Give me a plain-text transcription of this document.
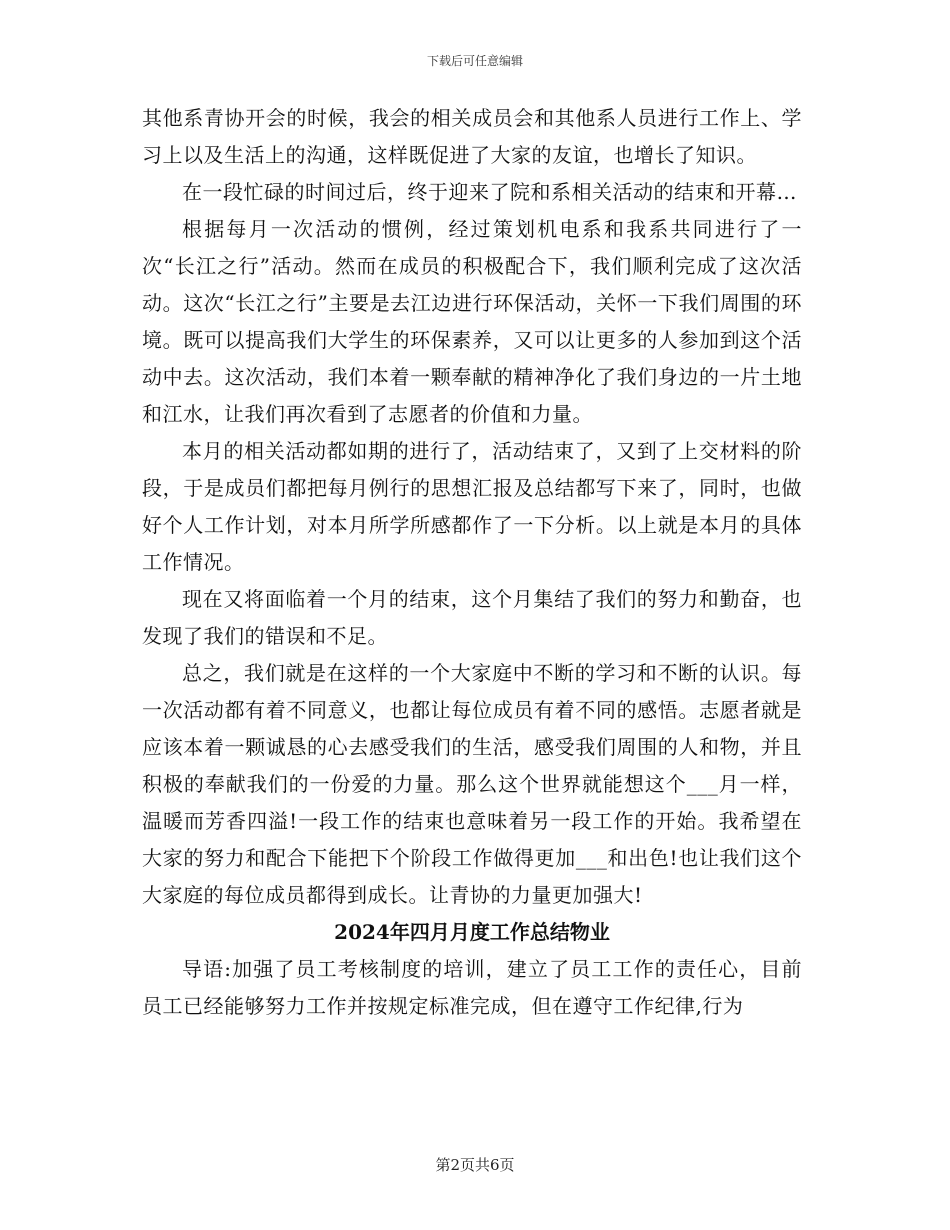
下载后可任意编辑

其他系青协开会的时候，我会的相关成员会和其他系人员进行工作上、学习上以及生活上的沟通，这样既促进了大家的友谊，也增长了知识。

在一段忙碌的时间过后，终于迎来了院和系相关活动的结束和开幕…

根据每月一次活动的惯例，经过策划机电系和我系共同进行了一次“长江之行”活动。然而在成员的积极配合下，我们顺利完成了这次活动。这次“长江之行”主要是去江边进行环保活动，关怀一下我们周围的环境。既可以提高我们大学生的环保素养，又可以让更多的人参加到这个活动中去。这次活动，我们本着一颗奉献的精神净化了我们身边的一片土地和江水，让我们再次看到了志愿者的价值和力量。

本月的相关活动都如期的进行了，活动结束了，又到了上交材料的阶段，于是成员们都把每月例行的思想汇报及总结都写下来了，同时，也做好个人工作计划，对本月所学所感都作了一下分析。以上就是本月的具体工作情况。

现在又将面临着一个月的结束，这个月集结了我们的努力和勤奋，也发现了我们的错误和不足。

总之，我们就是在这样的一个大家庭中不断的学习和不断的认识。每一次活动都有着不同意义，也都让每位成员有着不同的感悟。志愿者就是应该本着一颗诚恳的心去感受我们的生活，感受我们周围的人和物，并且积极的奉献我们的一份爱的力量。那么这个世界就能想这个___月一样，温暖而芳香四溢!一段工作的结束也意味着另一段工作的开始。我希望在大家的努力和配合下能把下个阶段工作做得更加___和出色!也让我们这个大家庭的每位成员都得到成长。让青协的力量更加强大!

2024年四月月度工作总结物业

导语:加强了员工考核制度的培训，建立了员工工作的责任心，目前员工已经能够努力工作并按规定标准完成，但在遵守工作纪律,行为

第2页共6页
